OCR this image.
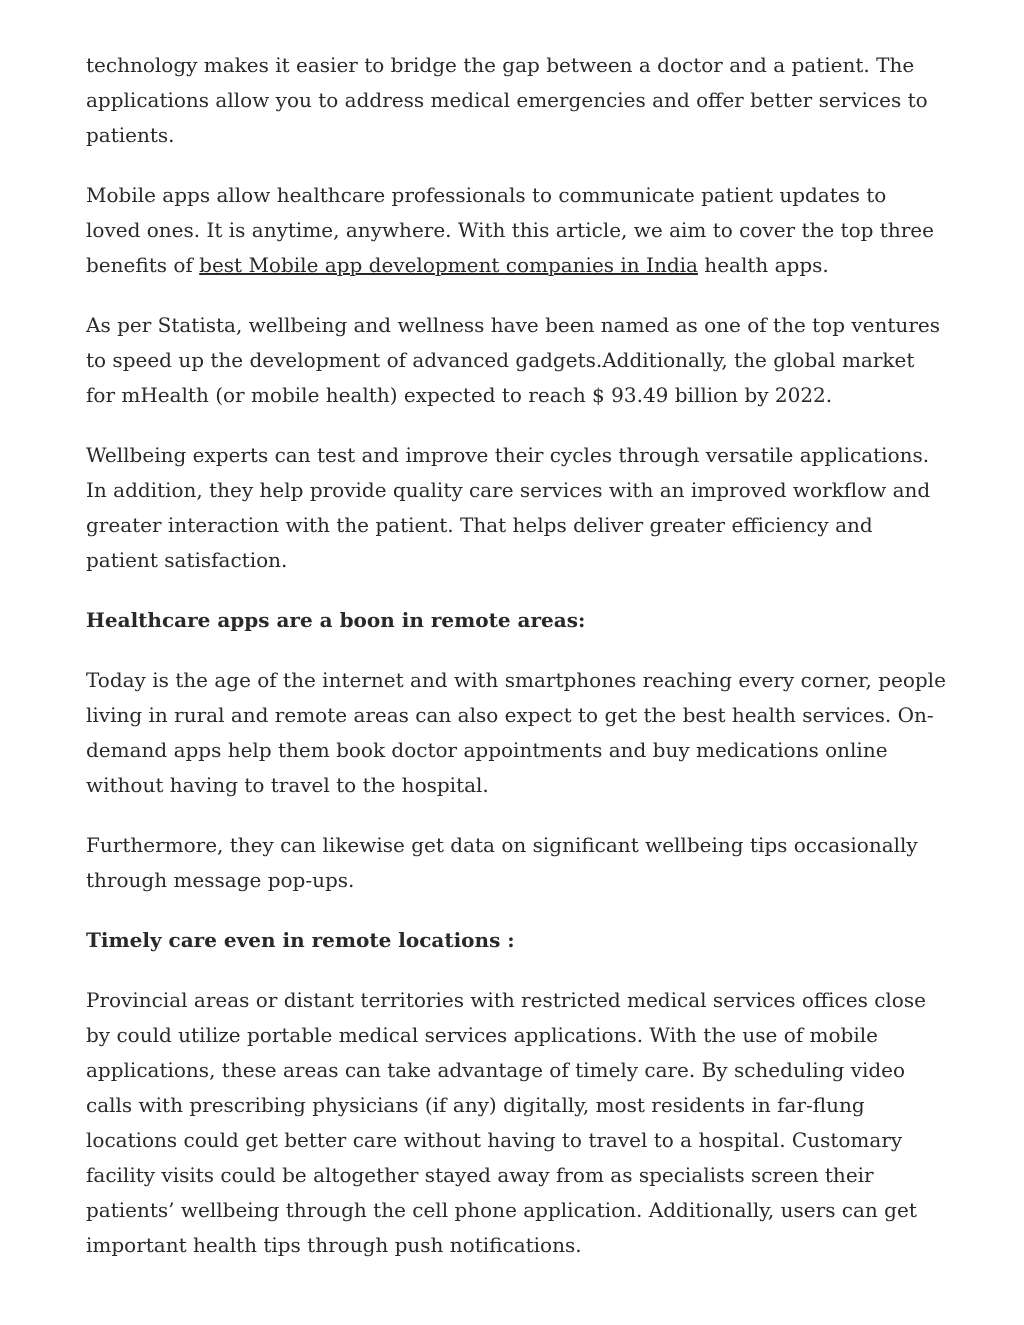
technology makes it easier to bridge the gap between a doctor and a patient. The applications allow you to address medical emergencies and offer better services to patients.

Mobile apps allow healthcare professionals to communicate patient updates to loved ones. It is anytime, anywhere. With this article, we aim to cover the top three benefits of best Mobile app development companies in India health apps.

As per Statista, wellbeing and wellness have been named as one of the top ventures to speed up the development of advanced gadgets.Additionally, the global market for mHealth (or mobile health) expected to reach $ 93.49 billion by 2022.

Wellbeing experts can test and improve their cycles through versatile applications. In addition, they help provide quality care services with an improved workflow and greater interaction with the patient. That helps deliver greater efficiency and patient satisfaction.

Healthcare apps are a boon in remote areas:

Today is the age of the internet and with smartphones reaching every corner, people living in rural and remote areas can also expect to get the best health services. On-demand apps help them book doctor appointments and buy medications online without having to travel to the hospital.

Furthermore, they can likewise get data on significant wellbeing tips occasionally through message pop-ups.

Timely care even in remote locations :

Provincial areas or distant territories with restricted medical services offices close by could utilize portable medical services applications. With the use of mobile applications, these areas can take advantage of timely care. By scheduling video calls with prescribing physicians (if any) digitally, most residents in far-flung locations could get better care without having to travel to a hospital. Customary facility visits could be altogether stayed away from as specialists screen their patients’ wellbeing through the cell phone application. Additionally, users can get important health tips through push notifications.
